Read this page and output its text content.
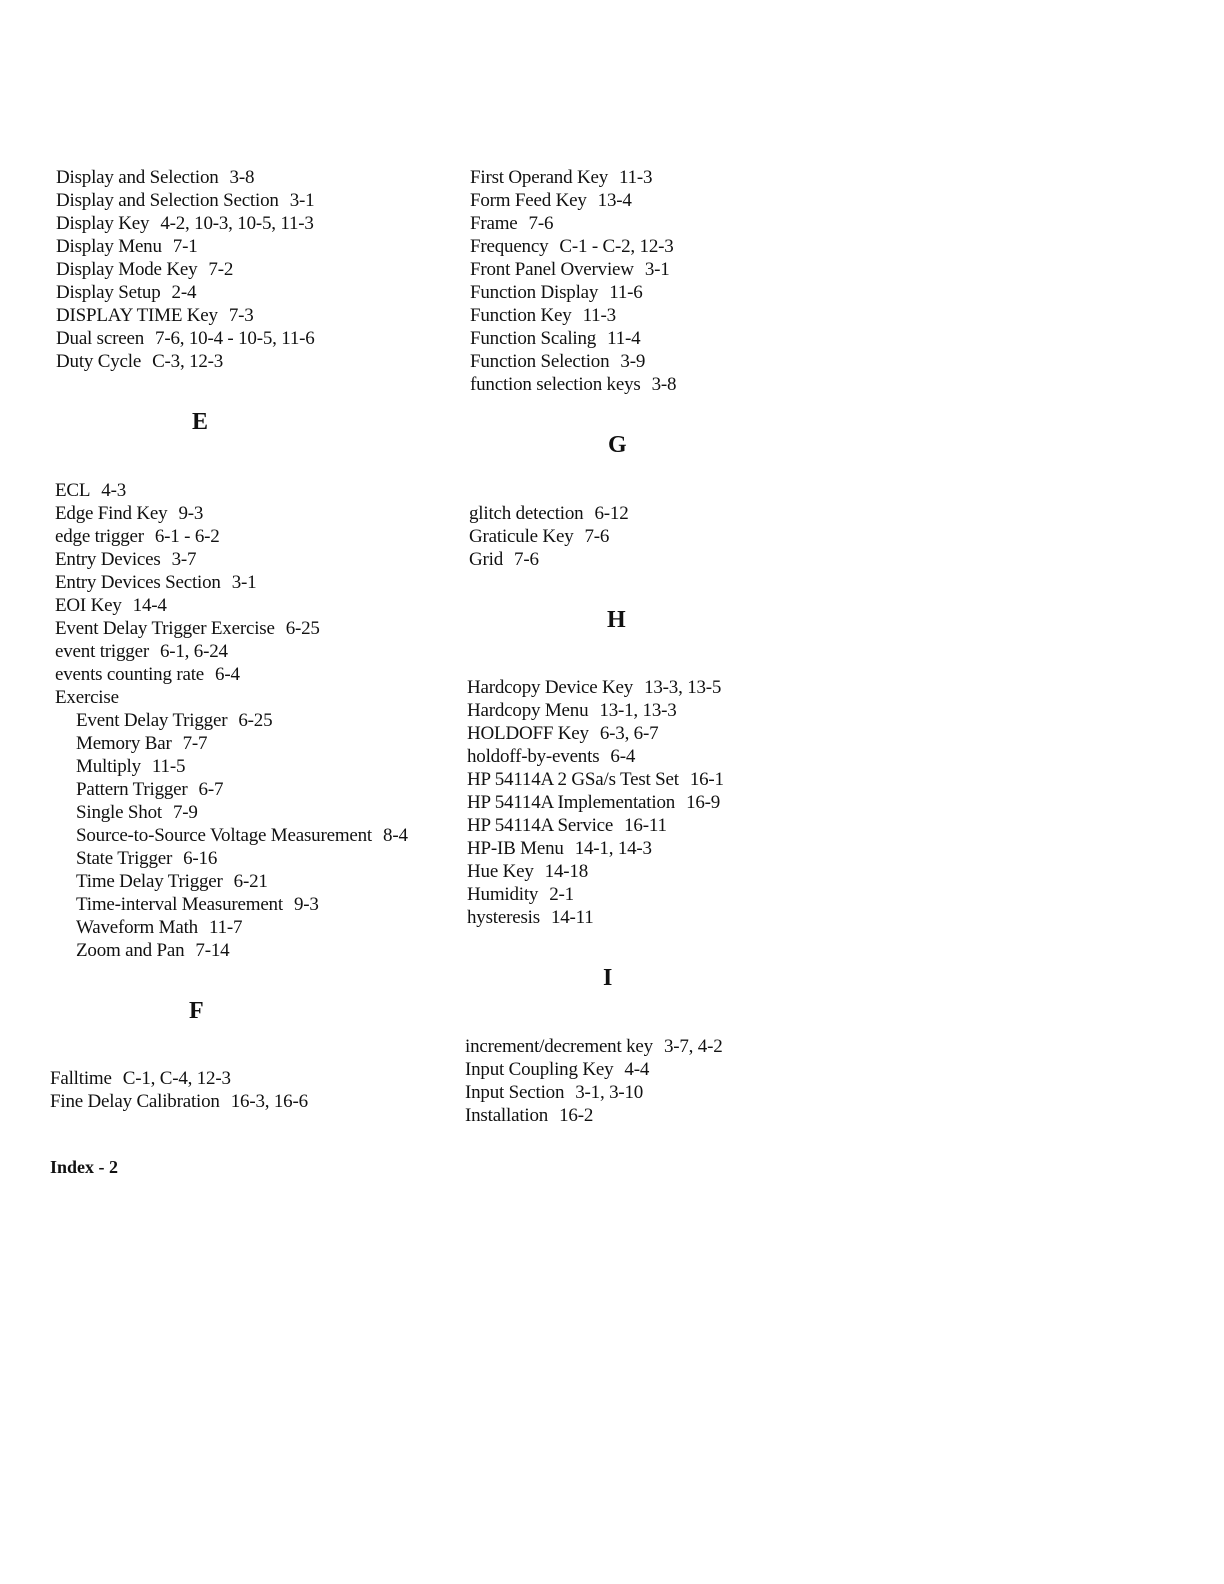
Display and Selection 3-8
Display and Selection Section 3-1
Display Key 4-2, 10-3, 10-5, 11-3
Display Menu 7-1
Display Mode Key 7-2
Display Setup 2-4
DISPLAY TIME Key 7-3
Dual screen 7-6, 10-4 - 10-5, 11-6
Duty Cycle C-3, 12-3
E
ECL 4-3
Edge Find Key 9-3
edge trigger 6-1 - 6-2
Entry Devices 3-7
Entry Devices Section 3-1
EOI Key 14-4
Event Delay Trigger Exercise 6-25
event trigger 6-1, 6-24
events counting rate 6-4
Exercise
Event Delay Trigger 6-25
Memory Bar 7-7
Multiply 11-5
Pattern Trigger 6-7
Single Shot 7-9
Source-to-Source Voltage Measurement 8-4
State Trigger 6-16
Time Delay Trigger 6-21
Time-interval Measurement 9-3
Waveform Math 11-7
Zoom and Pan 7-14
F
Falltime C-1, C-4, 12-3
Fine Delay Calibration 16-3, 16-6
First Operand Key 11-3
Form Feed Key 13-4
Frame 7-6
Frequency C-1 - C-2, 12-3
Front Panel Overview 3-1
Function Display 11-6
Function Key 11-3
Function Scaling 11-4
Function Selection 3-9
function selection keys 3-8
G
glitch detection 6-12
Graticule Key 7-6
Grid 7-6
H
Hardcopy Device Key 13-3, 13-5
Hardcopy Menu 13-1, 13-3
HOLDOFF Key 6-3, 6-7
holdoff-by-events 6-4
HP 54114A 2 GSa/s Test Set 16-1
HP 54114A Implementation 16-9
HP 54114A Service 16-11
HP-IB Menu 14-1, 14-3
Hue Key 14-18
Humidity 2-1
hysteresis 14-11
I
increment/decrement key 3-7, 4-2
Input Coupling Key 4-4
Input Section 3-1, 3-10
Installation 16-2
Index - 2
